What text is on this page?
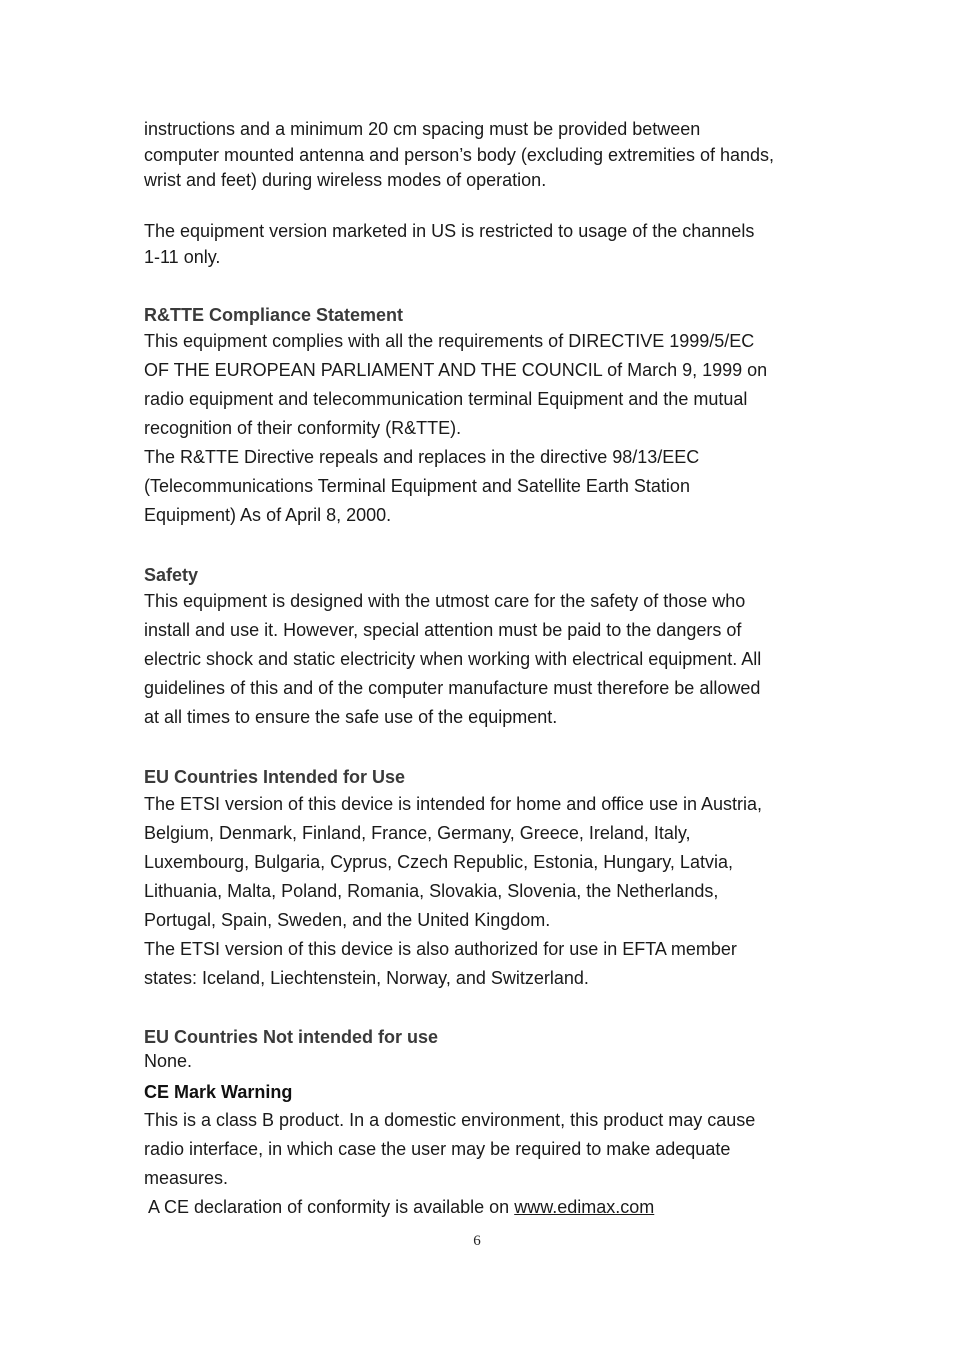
instructions and a minimum 20 cm spacing must be provided between
computer mounted antenna and person’s body (excluding extremities of hands,
wrist and feet) during wireless modes of operation.
The equipment version marketed in US is restricted to usage of the channels
1-11 only.
R&TTE Compliance Statement
This equipment complies with all the requirements of DIRECTIVE 1999/5/EC
OF THE EUROPEAN PARLIAMENT AND THE COUNCIL of March 9, 1999 on
radio equipment and telecommunication terminal Equipment and the mutual
recognition of their conformity (R&TTE).
The R&TTE Directive repeals and replaces in the directive 98/13/EEC
(Telecommunications Terminal Equipment and Satellite Earth Station
Equipment) As of April 8, 2000.
Safety
This equipment is designed with the utmost care for the safety of those who
install and use it. However, special attention must be paid to the dangers of
electric shock and static electricity when working with electrical equipment. All
guidelines of this and of the computer manufacture must therefore be allowed
at all times to ensure the safe use of the equipment.
EU Countries Intended for Use
The ETSI version of this device is intended for home and office use in Austria,
Belgium, Denmark, Finland, France, Germany, Greece, Ireland, Italy,
Luxembourg, Bulgaria, Cyprus, Czech Republic, Estonia, Hungary, Latvia,
Lithuania, Malta, Poland, Romania, Slovakia, Slovenia, the Netherlands,
Portugal, Spain, Sweden, and the United Kingdom.
The ETSI version of this device is also authorized for use in EFTA member
states: Iceland, Liechtenstein, Norway, and Switzerland.
EU Countries Not intended for use
None.
CE Mark Warning
This is a class B product. In a domestic environment, this product may cause
radio interface, in which case the user may be required to make adequate
measures.
A CE declaration of conformity is available on www.edimax.com
6
